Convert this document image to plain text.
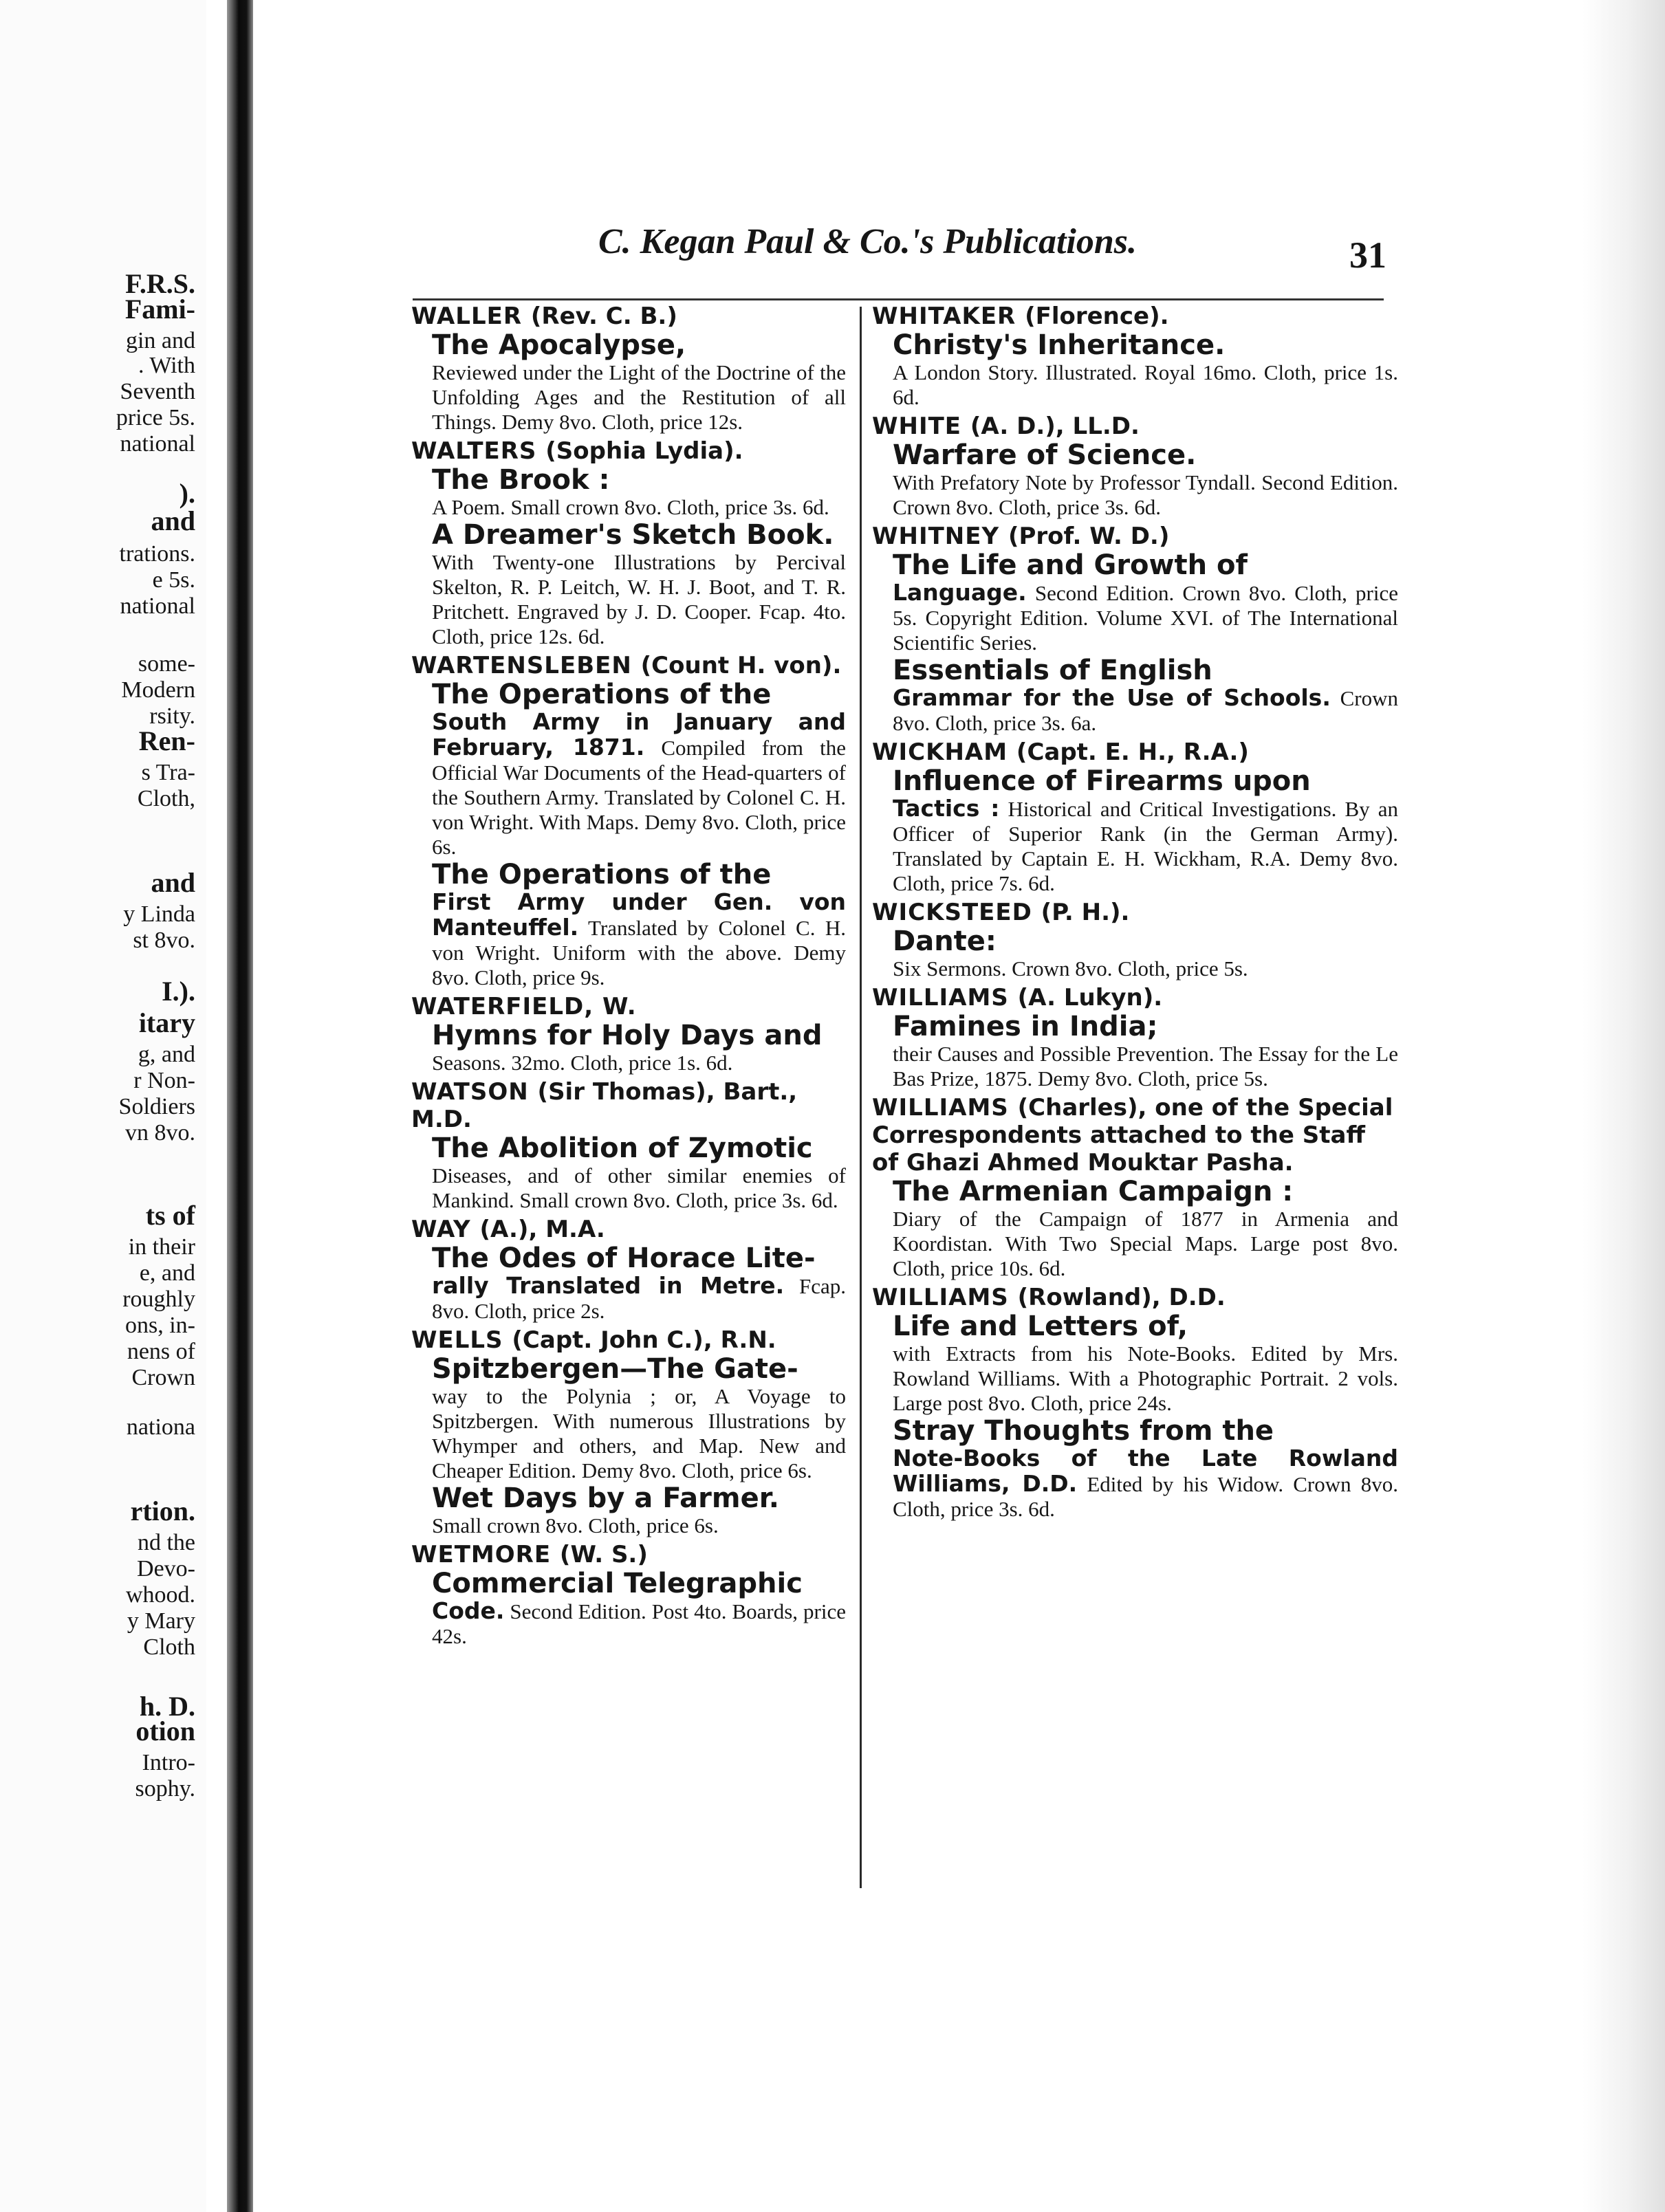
F.R.S.
Fami-
gin and
. With
Seventh
price 5s.
national
).
and
trations.
e 5s.
national
some-
Modern
rsity.
Ren-
s Tra-
Cloth,
and
y Linda
st 8vo.
I.).
itary
g, and
r Non-
Soldiers
vn 8vo.
ts of
in their
e, and
roughly
ons, in-
nens of
Crown
nationa
rtion.
nd the
Devo-
whood.
y Mary
Cloth
h. D.
otion
Intro-
sophy.
C. Kegan Paul & Co.'s Publications.	31
WALLER (Rev. C. B.)
The Apocalypse,
Reviewed under the Light of the Doctrine of the Unfolding Ages and the Restitution of all Things. Demy 8vo. Cloth, price 12s.
WALTERS (Sophia Lydia).
The Brook :
A Poem. Small crown 8vo. Cloth, price 3s. 6d.
A Dreamer's Sketch Book.
With Twenty-one Illustrations by Percival Skelton, R. P. Leitch, W. H. J. Boot, and T. R. Pritchett. Engraved by J. D. Cooper. Fcap. 4to. Cloth, price 12s. 6d.
WARTENSLEBEN (Count H. von).
The Operations of the
South Army in January and February, 1871. Compiled from the Official War Documents of the Head-quarters of the Southern Army. Translated by Colonel C. H. von Wright. With Maps. Demy 8vo. Cloth, price 6s.
The Operations of the
First Army under Gen. von Manteuffel. Translated by Colonel C. H. von Wright. Uniform with the above. Demy 8vo. Cloth, price 9s.
WATERFIELD, W.
Hymns for Holy Days and
Seasons. 32mo. Cloth, price 1s. 6d.
WATSON (Sir Thomas), Bart., M.D.
The Abolition of Zymotic
Diseases, and of other similar enemies of Mankind. Small crown 8vo. Cloth, price 3s. 6d.
WAY (A.), M.A.
The Odes of Horace Lite-
rally Translated in Metre. Fcap. 8vo. Cloth, price 2s.
WELLS (Capt. John C.), R.N.
Spitzbergen—The Gate-
way to the Polynia ; or, A Voyage to Spitzbergen. With numerous Illustrations by Whymper and others, and Map. New and Cheaper Edition. Demy 8vo. Cloth, price 6s.
Wet Days by a Farmer.
Small crown 8vo. Cloth, price 6s.
WETMORE (W. S.)
Commercial Telegraphic
Code. Second Edition. Post 4to. Boards, price 42s.
WHITAKER (Florence).
Christy's Inheritance.
A London Story. Illustrated. Royal 16mo. Cloth, price 1s. 6d.
WHITE (A. D.), LL.D.
Warfare of Science.
With Prefatory Note by Professor Tyndall. Second Edition. Crown 8vo. Cloth, price 3s. 6d.
WHITNEY (Prof. W. D.)
The Life and Growth of
Language. Second Edition. Crown 8vo. Cloth, price 5s. Copyright Edition. Volume XVI. of The International Scientific Series.
Essentials of English
Grammar for the Use of Schools. Crown 8vo. Cloth, price 3s. 6a.
WICKHAM (Capt. E. H., R.A.)
Influence of Firearms upon
Tactics : Historical and Critical Investigations. By an Officer of Superior Rank (in the German Army). Translated by Captain E. H. Wickham, R.A. Demy 8vo. Cloth, price 7s. 6d.
WICKSTEED (P. H.).
Dante:
Six Sermons. Crown 8vo. Cloth, price 5s.
WILLIAMS (A. Lukyn).
Famines in India;
their Causes and Possible Prevention. The Essay for the Le Bas Prize, 1875. Demy 8vo. Cloth, price 5s.
WILLIAMS (Charles), one of the Special Correspondents attached to the Staff of Ghazi Ahmed Mouktar Pasha.
The Armenian Campaign :
Diary of the Campaign of 1877 in Armenia and Koordistan. With Two Special Maps. Large post 8vo. Cloth, price 10s. 6d.
WILLIAMS (Rowland), D.D.
Life and Letters of,
with Extracts from his Note-Books. Edited by Mrs. Rowland Williams. With a Photographic Portrait. 2 vols. Large post 8vo. Cloth, price 24s.
Stray Thoughts from the
Note-Books of the Late Rowland Williams, D.D. Edited by his Widow. Crown 8vo. Cloth, price 3s. 6d.
